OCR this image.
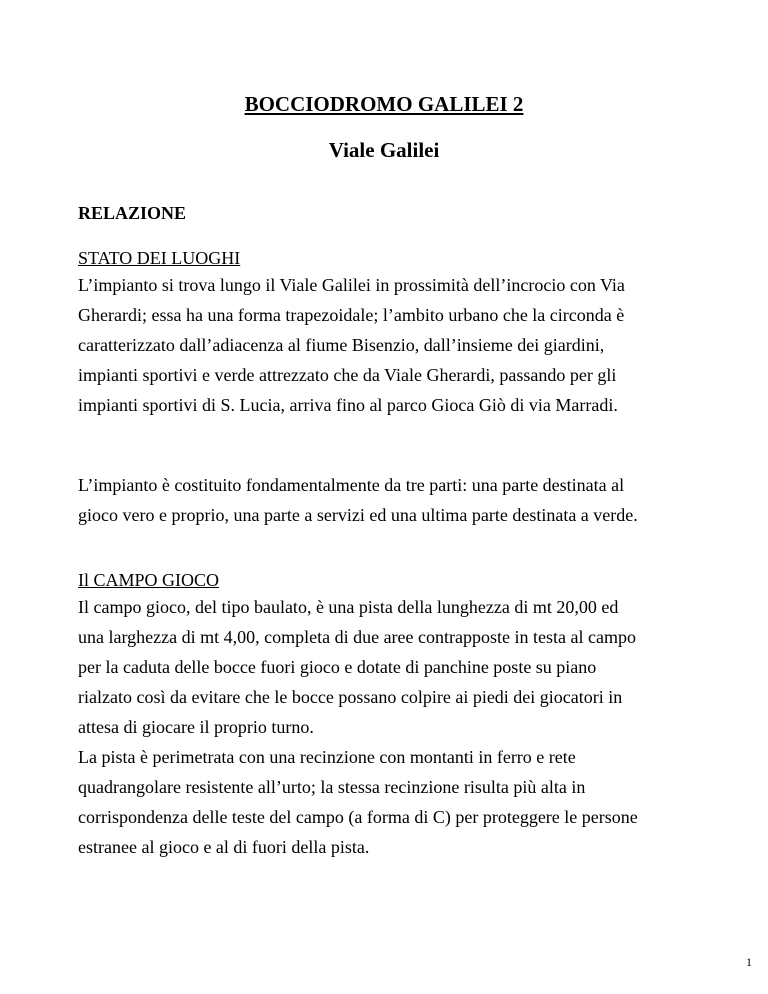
BOCCIODROMO GALILEI 2
Viale Galilei
RELAZIONE
STATO DEI LUOGHI
L’impianto si trova lungo il Viale Galilei in prossimità dell’incrocio con Via
Gherardi; essa ha una forma trapezoidale; l’ambito urbano che la circonda è
caratterizzato dall’adiacenza al fiume Bisenzio, dall’insieme dei giardini,
impianti sportivi e verde attrezzato che da Viale Gherardi, passando per gli
impianti sportivi di S. Lucia, arriva fino al parco Gioca Giò di via Marradi.
L’impianto è costituito fondamentalmente da tre parti: una parte destinata al
gioco vero e proprio, una parte a servizi ed una ultima parte destinata a verde.
Il CAMPO GIOCO
Il campo gioco, del tipo baulato, è una pista della lunghezza di mt 20,00 ed
una larghezza di mt 4,00, completa di due aree contrapposte in testa al campo
per la caduta delle bocce fuori gioco e dotate di panchine poste su piano
rialzato così da evitare che le bocce possano colpire ai piedi dei giocatori in
attesa di giocare il proprio turno.
La pista è perimetrata con una recinzione con montanti in ferro e rete
quadrangolare resistente all’urto; la stessa recinzione risulta più alta in
corrispondenza delle teste del campo (a forma di C) per proteggere le persone
estranee al gioco e al di fuori della pista.
1
